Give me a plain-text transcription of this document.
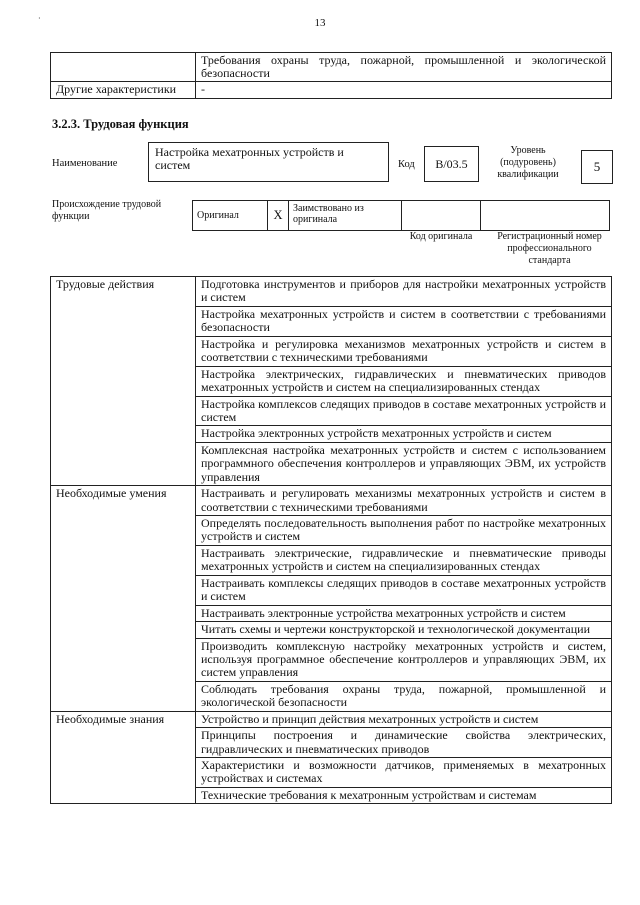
·	13
	Требования охраны труда, пожарной, промышленной и экологической безопасности
Другие характеристики	-
3.2.3. Трудовая функция
Наименование
Настройка мехатронных устройств и систем	Код	B/03.5
Уровень (подуровень) квалификации
5
Происхождение трудовой функции	Оригинал	X	Заимствовано из оригинала		
Код оригинала	Регистрационный номер профессионального стандарта
Трудовые действия	Подготовка инструментов и приборов для настройки мехатронных устройств и систем
	Настройка мехатронных устройств и систем в соответствии с требованиями безопасности
	Настройка и регулировка механизмов мехатронных устройств и систем в соответствии с техническими требованиями
	Настройка электрических, гидравлических и пневматических приводов мехатронных устройств и систем на специализированных стендах
	Настройка комплексов следящих приводов в составе мехатронных устройств и систем
	Настройка электронных устройств мехатронных устройств и систем
	Комплексная настройка мехатронных устройств и систем с использованием программного обеспечения контроллеров и управляющих ЭВМ, их устройств управления
Необходимые умения	Настраивать и регулировать механизмы мехатронных устройств и систем в соответствии с техническими требованиями
	Определять последовательность выполнения работ по настройке мехатронных устройств и систем
	Настраивать электрические, гидравлические и пневматические приводы мехатронных устройств и систем на специализированных стендах
	Настраивать комплексы следящих приводов в составе мехатронных устройств и систем
	Настраивать электронные устройства мехатронных устройств и систем
	Читать схемы и чертежи конструкторской и технологической документации
	Производить комплексную настройку мехатронных устройств и систем, используя программное обеспечение контроллеров и управляющих ЭВМ, их систем управления
	Соблюдать требования охраны труда, пожарной, промышленной и экологической безопасности
Необходимые знания	Устройство и принцип действия мехатронных устройств и систем
	Принципы построения и динамические свойства электрических, гидравлических и пневматических приводов
	Характеристики и возможности датчиков, применяемых в мехатронных устройствах и системах
	Технические требования к мехатронным устройствам и системам
